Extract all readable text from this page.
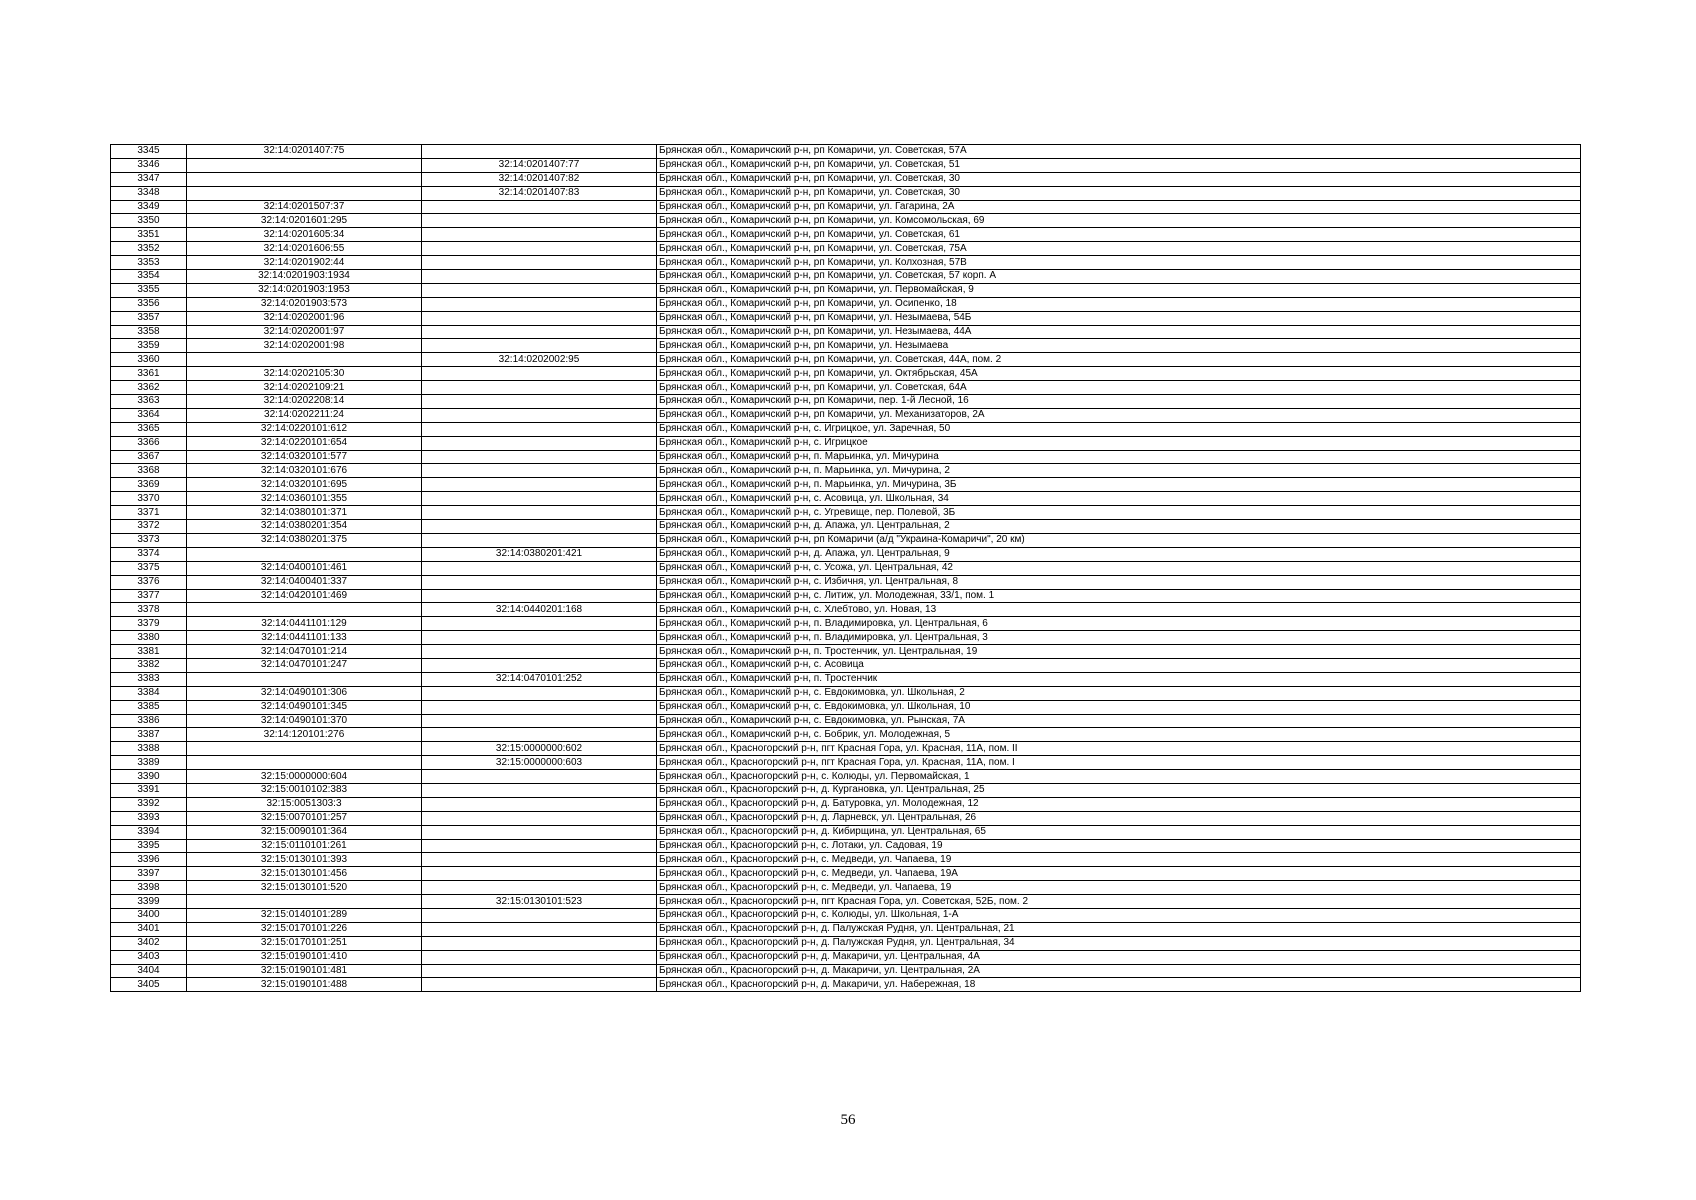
3345	32:14:0201407:75		Брянская обл., Комаричский р-н, рп Комаричи, ул. Советская, 57А
3346		32:14:0201407:77	Брянская обл., Комаричский р-н, рп Комаричи, ул. Советская, 51
3347		32:14:0201407:82	Брянская обл., Комаричский р-н, рп Комаричи, ул. Советская, 30
3348		32:14:0201407:83	Брянская обл., Комаричский р-н, рп Комаричи, ул. Советская, 30
3349	32:14:0201507:37		Брянская обл., Комаричский р-н, рп Комаричи, ул. Гагарина, 2А
3350	32:14:0201601:295		Брянская обл., Комаричский р-н, рп Комаричи, ул. Комсомольская, 69
3351	32:14:0201605:34		Брянская обл., Комаричский р-н, рп Комаричи, ул. Советская, 61
3352	32:14:0201606:55		Брянская обл., Комаричский р-н, рп Комаричи, ул. Советская, 75А
3353	32:14:0201902:44		Брянская обл., Комаричский р-н, рп Комаричи, ул. Колхозная, 57В
3354	32:14:0201903:1934		Брянская обл., Комаричский р-н, рп Комаричи, ул. Советская, 57 корп. А
3355	32:14:0201903:1953		Брянская обл., Комаричский р-н, рп Комаричи, ул. Первомайская, 9
3356	32:14:0201903:573		Брянская обл., Комаричский р-н, рп Комаричи, ул. Осипенко, 18
3357	32:14:0202001:96		Брянская обл., Комаричский р-н, рп Комаричи, ул. Незымаева, 54Б
3358	32:14:0202001:97		Брянская обл., Комаричский р-н, рп Комаричи, ул. Незымаева, 44А
3359	32:14:0202001:98		Брянская обл., Комаричский р-н, рп Комаричи, ул. Незымаева
3360		32:14:0202002:95	Брянская обл., Комаричский р-н, рп Комаричи, ул. Советская, 44А, пом. 2
3361	32:14:0202105:30		Брянская обл., Комаричский р-н, рп Комаричи, ул. Октябрьская, 45А
3362	32:14:0202109:21		Брянская обл., Комаричский р-н, рп Комаричи, ул. Советская, 64А
3363	32:14:0202208:14		Брянская обл., Комаричский р-н, рп Комаричи, пер. 1-й Лесной, 16
3364	32:14:0202211:24		Брянская обл., Комаричский р-н, рп Комаричи, ул. Механизаторов, 2А
3365	32:14:0220101:612		Брянская обл., Комаричский р-н, с. Игрицкое, ул. Заречная, 50
3366	32:14:0220101:654		Брянская обл., Комаричский р-н, с. Игрицкое
3367	32:14:0320101:577		Брянская обл., Комаричский р-н, п. Марьинка, ул. Мичурина
3368	32:14:0320101:676		Брянская обл., Комаричский р-н, п. Марьинка, ул. Мичурина, 2
3369	32:14:0320101:695		Брянская обл., Комаричский р-н, п. Марьинка, ул. Мичурина, 3Б
3370	32:14:0360101:355		Брянская обл., Комаричский р-н, с. Асовица, ул. Школьная, 34
3371	32:14:0380101:371		Брянская обл., Комаричский р-н, с. Угревище, пер. Полевой, 3Б
3372	32:14:0380201:354		Брянская обл., Комаричский р-н, д. Апажа, ул. Центральная, 2
3373	32:14:0380201:375		Брянская обл., Комаричский р-н, рп Комаричи (а/д "Украина-Комаричи", 20 км)
3374		32:14:0380201:421	Брянская обл., Комаричский р-н, д. Апажа, ул. Центральная, 9
3375	32:14:0400101:461		Брянская обл., Комаричский р-н, с. Усожа, ул. Центральная, 42
3376	32:14:0400401:337		Брянская обл., Комаричский р-н, с. Избичня, ул. Центральная, 8
3377	32:14:0420101:469		Брянская обл., Комаричский р-н, с. Литиж, ул. Молодежная, 33/1, пом. 1
3378		32:14:0440201:168	Брянская обл., Комаричский р-н, с. Хлебтово, ул. Новая, 13
3379	32:14:0441101:129		Брянская обл., Комаричский р-н, п. Владимировка, ул. Центральная, 6
3380	32:14:0441101:133		Брянская обл., Комаричский р-н, п. Владимировка, ул. Центральная, 3
3381	32:14:0470101:214		Брянская обл., Комаричский р-н, п. Тростенчик, ул. Центральная, 19
3382	32:14:0470101:247		Брянская обл., Комаричский р-н, с. Асовица
3383		32:14:0470101:252	Брянская обл., Комаричский р-н, п. Тростенчик
3384	32:14:0490101:306		Брянская обл., Комаричский р-н, с. Евдокимовка, ул. Школьная, 2
3385	32:14:0490101:345		Брянская обл., Комаричский р-н, с. Евдокимовка, ул. Школьная, 10
3386	32:14:0490101:370		Брянская обл., Комаричский р-н, с. Евдокимовка, ул. Рынская, 7А
3387	32:14:120101:276		Брянская обл., Комаричский р-н, с. Бобрик, ул. Молодежная, 5
3388		32:15:0000000:602	Брянская обл., Красногорский р-н, пгт Красная Гора, ул. Красная, 11А, пом. II
3389		32:15:0000000:603	Брянская обл., Красногорский р-н, пгт Красная Гора, ул. Красная, 11А, пом. I
3390	32:15:0000000:604		Брянская обл., Красногорский р-н, с. Колюды, ул. Первомайская, 1
3391	32:15:0010102:383		Брянская обл., Красногорский р-н, д. Кургановка, ул. Центральная, 25
3392	32:15:0051303:3		Брянская обл., Красногорский р-н, д. Батуровка, ул. Молодежная, 12
3393	32:15:0070101:257		Брянская обл., Красногорский р-н, д. Ларневск, ул. Центральная, 26
3394	32:15:0090101:364		Брянская обл., Красногорский р-н, д. Кибирщина, ул. Центральная, 65
3395	32:15:0110101:261		Брянская обл., Красногорский р-н, с. Лотаки, ул. Садовая, 19
3396	32:15:0130101:393		Брянская обл., Красногорский р-н, с. Медведи, ул. Чапаева, 19
3397	32:15:0130101:456		Брянская обл., Красногорский р-н, с. Медведи, ул. Чапаева, 19А
3398	32:15:0130101:520		Брянская обл., Красногорский р-н, с. Медведи, ул. Чапаева, 19
3399		32:15:0130101:523	Брянская обл., Красногорский р-н, пгт Красная Гора, ул. Советская, 52Б, пом. 2
3400	32:15:0140101:289		Брянская обл., Красногорский р-н, с. Колюды, ул. Школьная, 1-А
3401	32:15:0170101:226		Брянская обл., Красногорский р-н, д. Палужская Рудня, ул. Центральная, 21
3402	32:15:0170101:251		Брянская обл., Красногорский р-н, д. Палужская Рудня, ул. Центральная, 34
3403	32:15:0190101:410		Брянская обл., Красногорский р-н, д. Макаричи, ул. Центральная, 4А
3404	32:15:0190101:481		Брянская обл., Красногорский р-н, д. Макаричи, ул. Центральная, 2А
3405	32:15:0190101:488		Брянская обл., Красногорский р-н, д. Макаричи, ул. Набережная, 18
56
